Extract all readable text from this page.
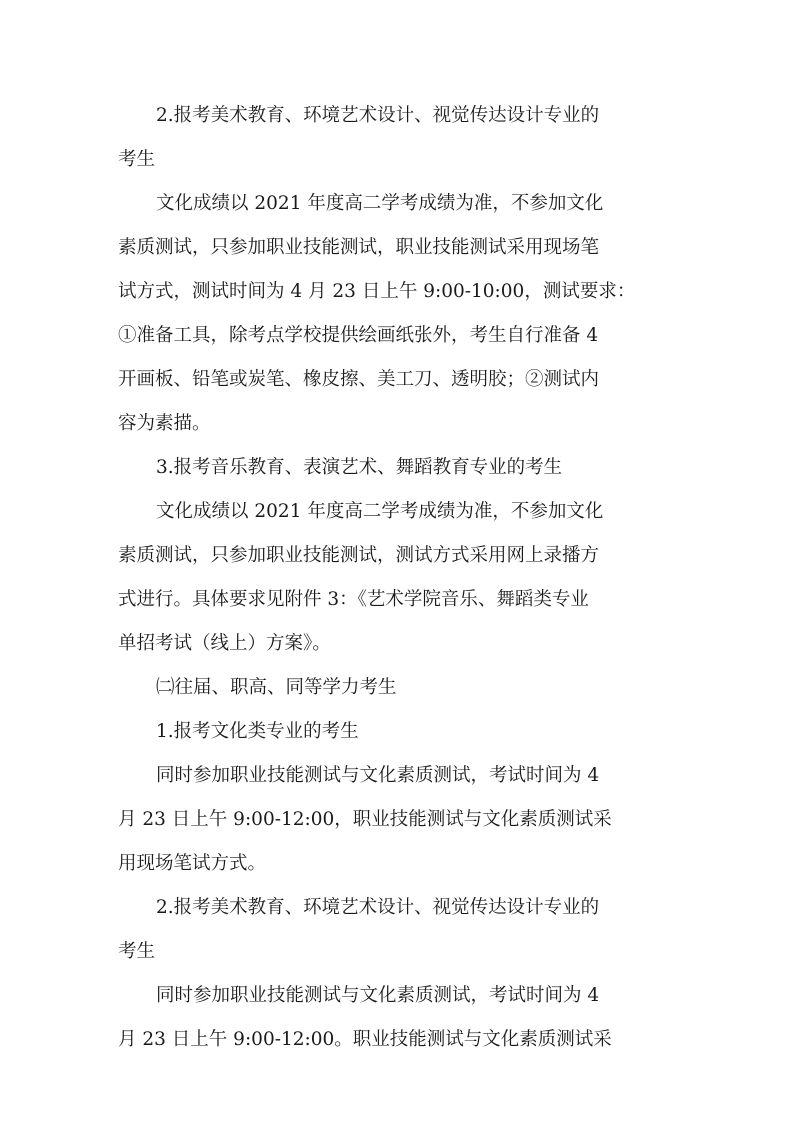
2.报考美术教育、环境艺术设计、视觉传达设计专业的
考生
文化成绩以 2021 年度高二学考成绩为准，不参加文化
素质测试，只参加职业技能测试，职业技能测试采用现场笔
试方式，测试时间为 4 月 23 日上午 9:00-10:00，测试要求：
①准备工具，除考点学校提供绘画纸张外，考生自行准备 4
开画板、铅笔或炭笔、橡皮擦、美工刀、透明胶；②测试内
容为素描。
3.报考音乐教育、表演艺术、舞蹈教育专业的考生
文化成绩以 2021 年度高二学考成绩为准，不参加文化
素质测试，只参加职业技能测试，测试方式采用网上录播方
式进行。具体要求见附件 3：《艺术学院音乐、舞蹈类专业
单招考试（线上）方案》。
㈡往届、职高、同等学力考生
1.报考文化类专业的考生
同时参加职业技能测试与文化素质测试，考试时间为 4
月 23 日上午 9:00-12:00，职业技能测试与文化素质测试采
用现场笔试方式。
2.报考美术教育、环境艺术设计、视觉传达设计专业的
考生
同时参加职业技能测试与文化素质测试，考试时间为 4
月 23 日上午 9:00-12:00。职业技能测试与文化素质测试采
